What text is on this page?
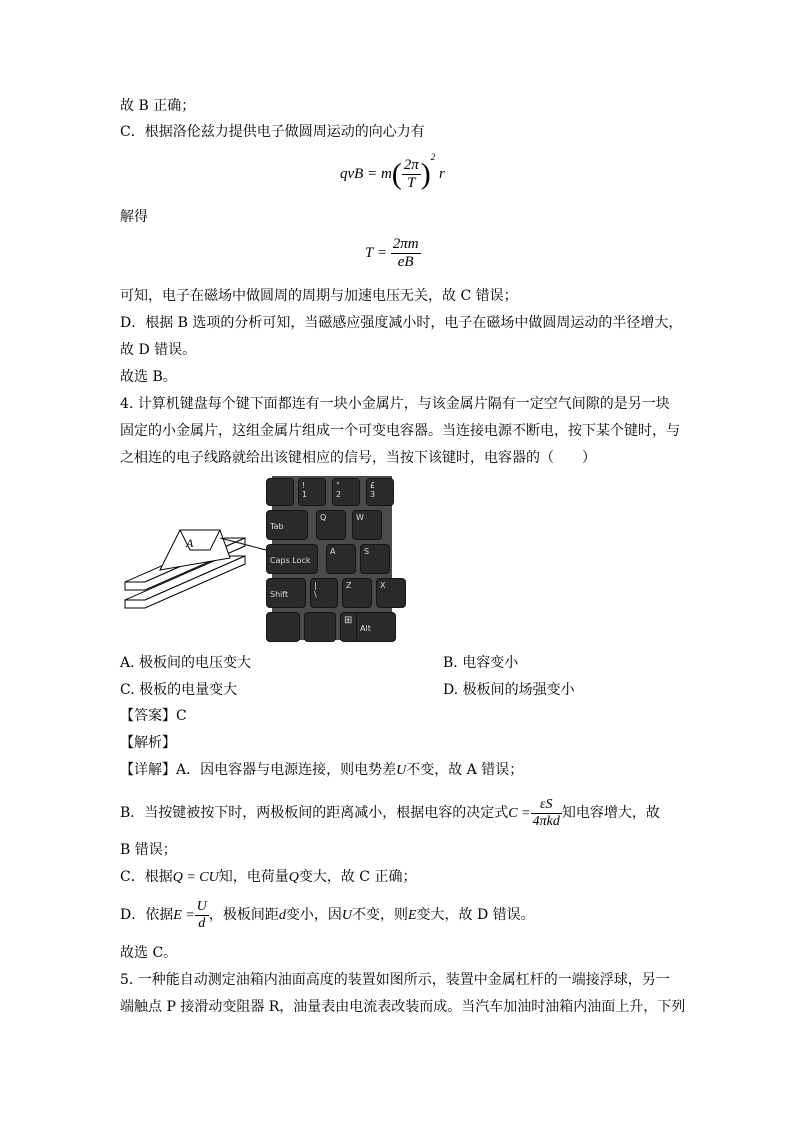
故 B 正确；
C．根据洛伦兹力提供电子做圆周运动的向心力有
qvB = $m( \frac{2\pi}{T} )^2$ r
解得
$T = \frac{2\pi m}{eB}$
可知，电子在磁场中做圆周的周期与加速电压无关，故 C 错误；
D．根据 B 选项的分析可知，当磁感应强度减小时，电子在磁场中做圆周运动的半径增大，
故 D 错误。
故选 B。
4. 计算机键盘每个键下面都连有一块小金属片，与该金属片隔有一定空气间隙的是另一块
固定的小金属片，这组金属片组成一个可变电容器。当连接电源不断电，按下某个键时，与
之相连的电子线路就给出该键相应的信号，当按下该键时，电容器的（　　）
A
!
1
"
2
£
3

Tab
Q	W

Caps Lock
A	S

Shift
|
\
Z	X
⊞

Alt
A. 极板间的电压变大	B. 电容变小
C. 极板的电量变大	D. 极板间的场强变小
【答案】C
【解析】
【详解】A．因电容器与电源连接，则电势差U不变，故 A 错误；
B．当按键被按下时，两极板间的距离减小，根据电容的决定式$C = \frac{\varepsilon S}{\text{4πkd}}$ 知电容增大，故
B 错误；
C．根据Q = CU知，电荷量Q变大，故 C 正确；
D．依据$E = \frac{U}{d}$ ，极板间距d变小，因U不变，则E变大，故 D 错误。
故选 C。
5. 一种能自动测定油箱内油面高度的装置如图所示，装置中金属杠杆的一端接浮球，另一
端触点 P 接滑动变阻器 R，油量表由电流表改装而成。当汽车加油时油箱内油面上升，下列
